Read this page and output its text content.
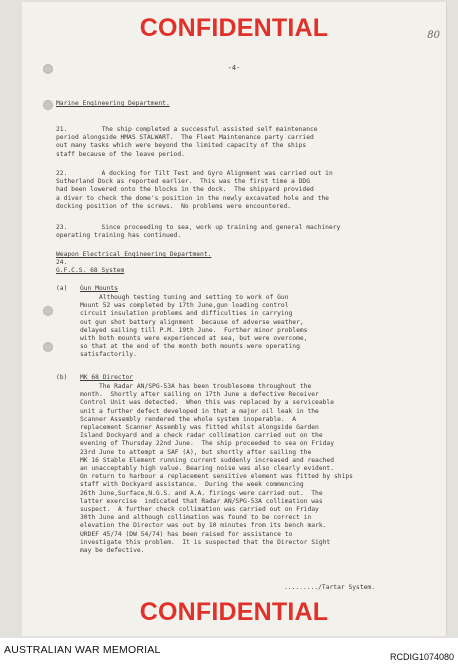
CONFIDENTIAL	80
-4-
Marine Engineering Department.
21.         The ship completed a successful assisted self maintenance
period alongside HMAS STALWART.  The Fleet Maintenance party carried
out many tasks which were beyond the limited capacity of the ships
staff because of the leave period.
22.         A docking for Tilt Test and Gyro Alignment was carried out in
Sutherland Dock as reported earlier.  This was the first time a DDG
had been lowered onto the blocks in the dock.  The shipyard provided
a diver to check the dome's position in the newly excavated hole and the
docking position of the screws.  No problems were encountered.
23.         Since proceeding to sea, work up training and general machinery
operating training has continued.
Weapon Electrical Engineering Department.
24.
G.F.C.S. 68 System
(a) Gun Mounts
Although testing tuning and setting to work of Gun
Mount 52 was completed by 17th June,gun loading control
circuit insulation problems and difficulties in carrying
out gun shot battery alignment  because of adverse weather,
delayed sailing till P.M. 19th June.  Further minor problems
with both mounts were experienced at sea, but were overcome,
so that at the end of the month both mounts were operating
satisfactorily.
(b) MK 68 Director
The Radar AN/SPG-53A has been troublesome throughout the
month.  Shortly after sailing on 17th June a defective Receiver
Control Unit was detected.  When this was replaced by a serviceable
unit a further defect developed in that a major oil leak in the
Scanner Assembly rendered the whole system inoperable.  A
replacement Scanner Assembly was fitted whilst alongside Garden
Island Dockyard and a check radar collimation carried out on the
evening of Thursday 22nd June.  The ship proceeded to sea on Friday
23rd June to attempt a SAF (A), but shortly after sailing the
MK 16 Stable Element running current suddenly increased and reached
an unacceptably high value. Bearing noise was also clearly evident.
On return to harbour a replacement sensitive element was fitted by ships
staff with Dockyard assistance.  During the week commencing
26th June,Surface,N.G.S. and A.A. firings were carried out.  The
latter exercise  indicated that Radar AN/SPG-53A collimation was
suspect.  A further check collimation was carried out on Friday
30th June and although collimation was found to be correct in
elevation the Director was out by 10 minutes from its bench mark.
URDEF 45/74 (DW 54/74) has been raised for assistance to
investigate this problem.  It is suspected that the Director Sight
may be defective.
........./Tartar System.
CONFIDENTIAL
AUSTRALIAN WAR MEMORIAL
RCDIG1074080
